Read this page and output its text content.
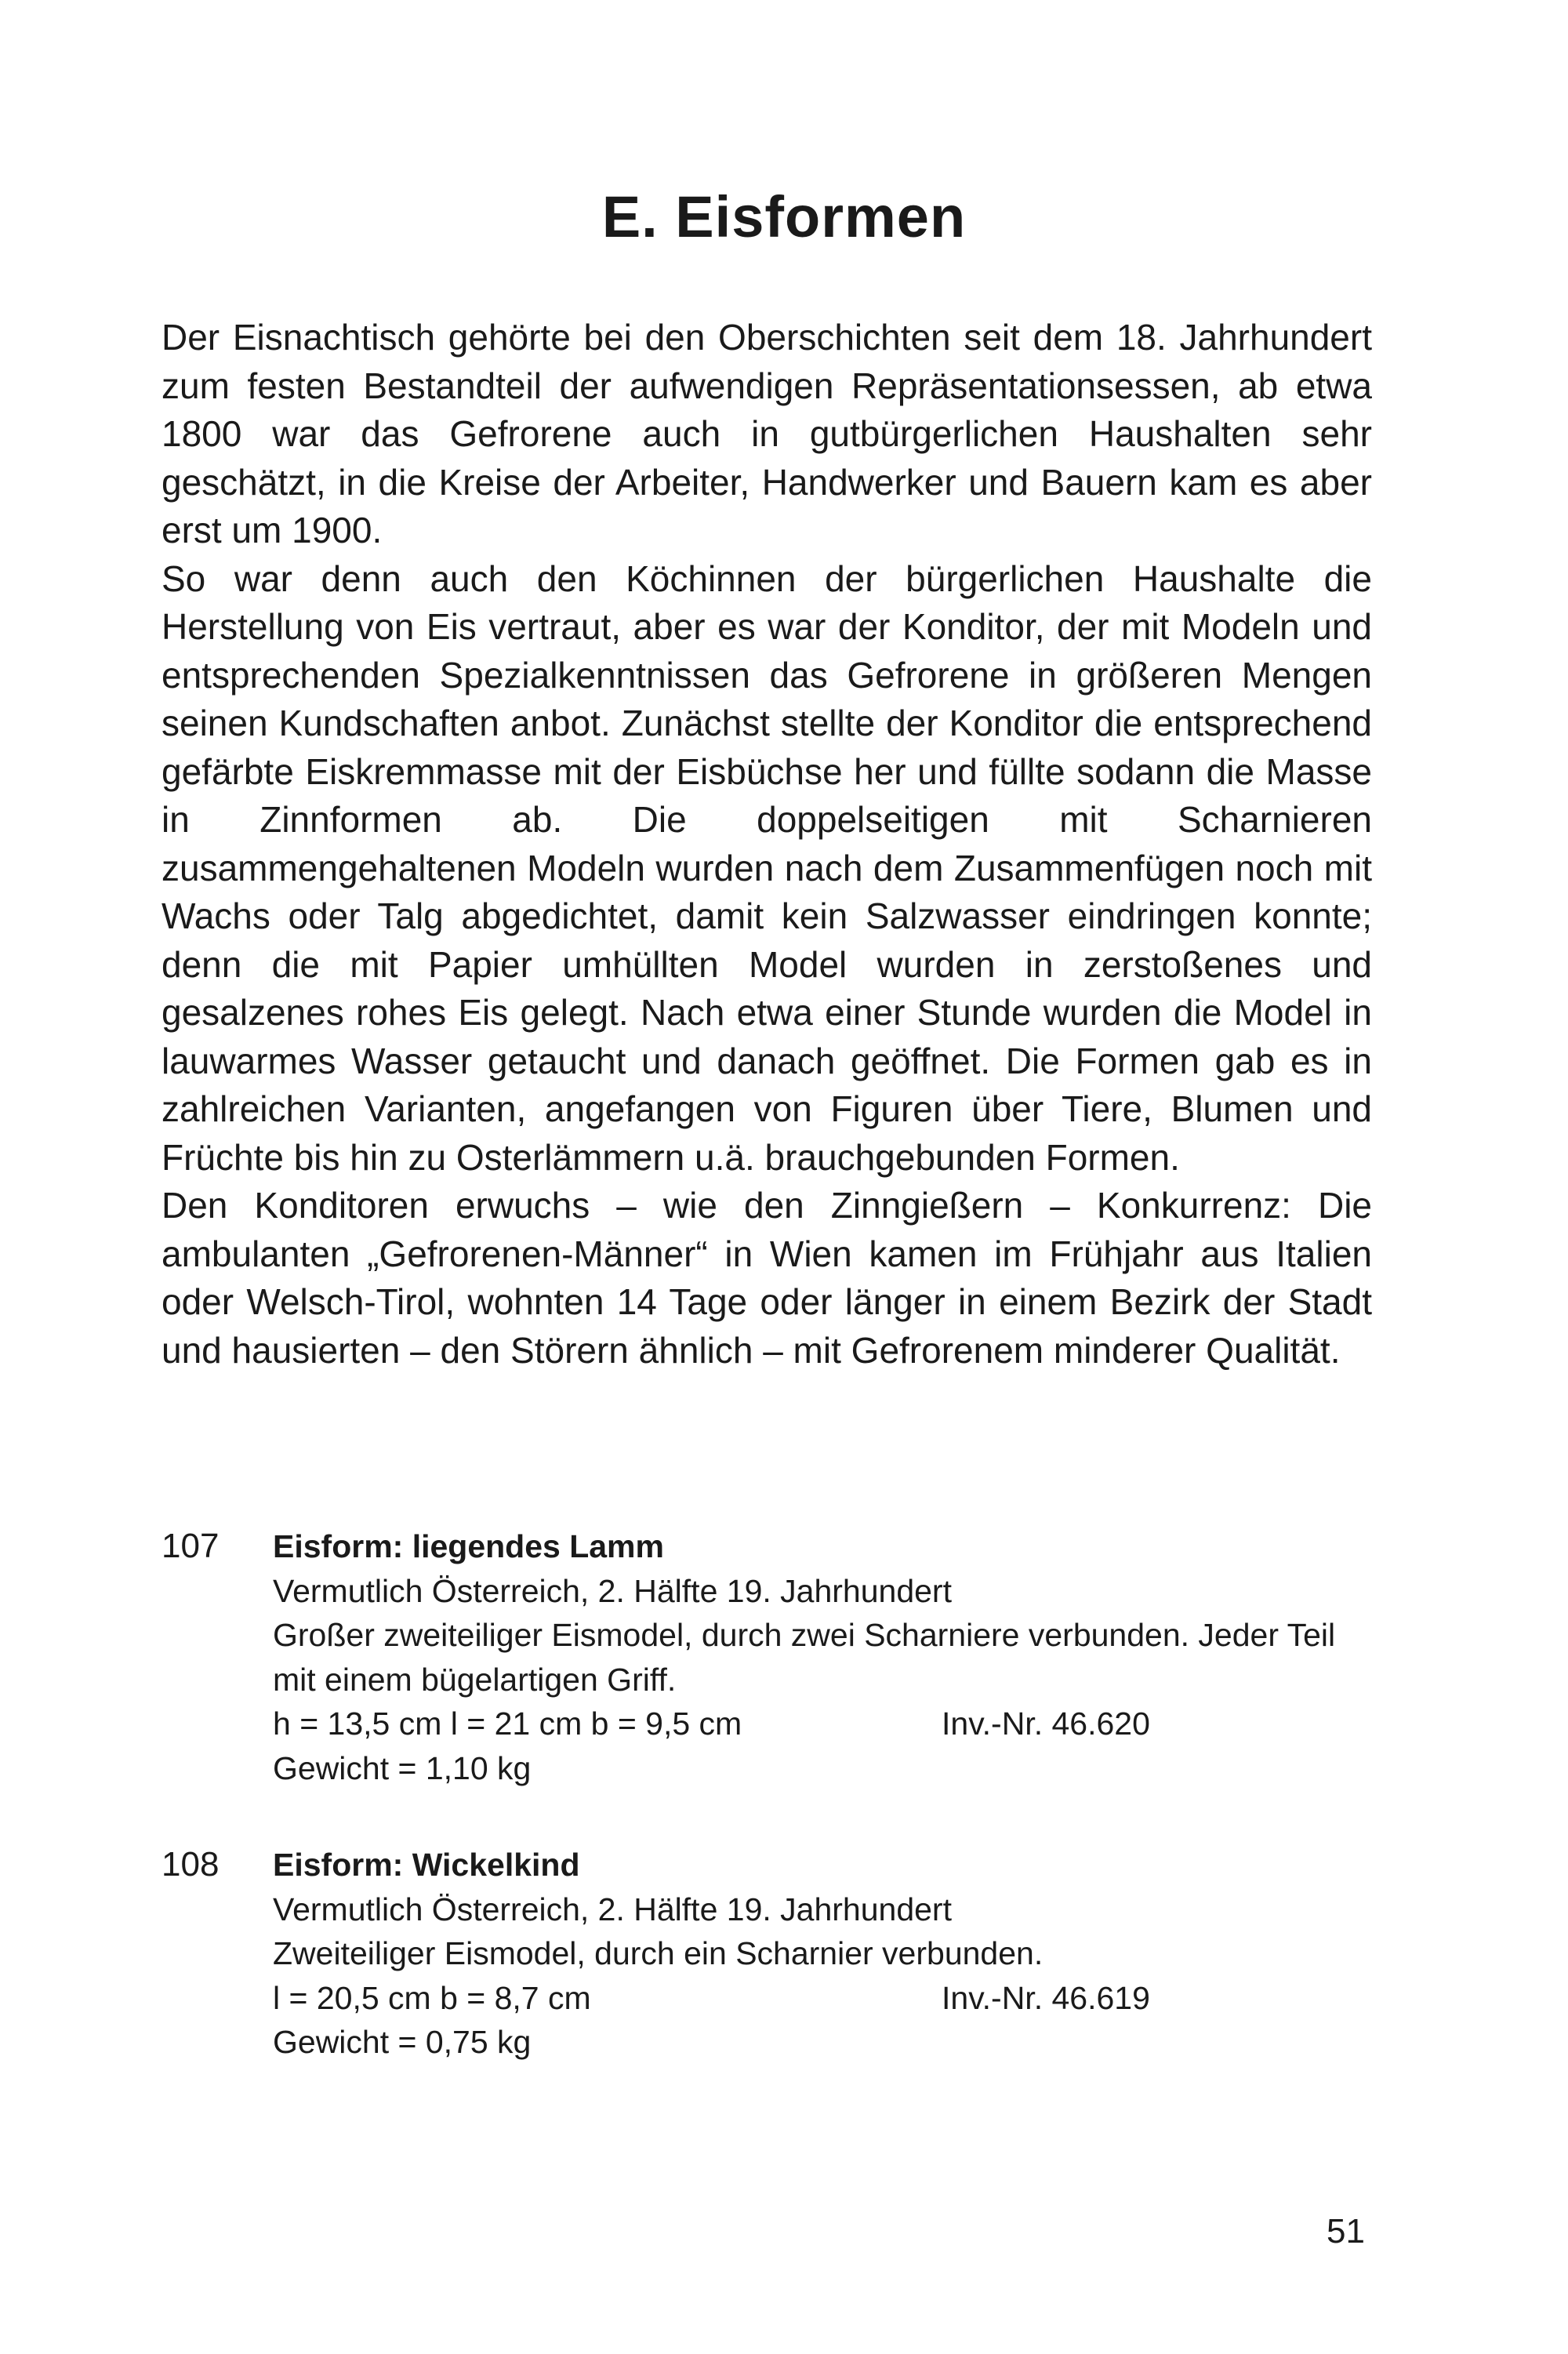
E. Eisformen

Der Eisnachtisch gehörte bei den Oberschichten seit dem 18. Jahrhundert zum festen Bestandteil der aufwendigen Repräsentationsessen, ab etwa 1800 war das Gefrorene auch in gutbürgerlichen Haushalten sehr geschätzt, in die Kreise der Arbeiter, Handwerker und Bauern kam es aber erst um 1900.

So war denn auch den Köchinnen der bürgerlichen Haushalte die Herstellung von Eis vertraut, aber es war der Konditor, der mit Modeln und entsprechenden Spezialkenntnissen das Gefrorene in größeren Mengen seinen Kundschaften anbot. Zunächst stellte der Konditor die entsprechend gefärbte Eiskremmasse mit der Eisbüchse her und füllte sodann die Masse in Zinnformen ab. Die doppelseitigen mit Scharnieren zusammengehaltenen Modeln wurden nach dem Zusammenfügen noch mit Wachs oder Talg abgedichtet, damit kein Salzwasser eindringen konnte; denn die mit Papier umhüllten Model wurden in zerstoßenes und gesalzenes rohes Eis gelegt. Nach etwa einer Stunde wurden die Model in lauwarmes Wasser getaucht und danach geöffnet. Die Formen gab es in zahlreichen Varianten, angefangen von Figuren über Tiere, Blumen und Früchte bis hin zu Osterlämmern u.ä. brauchgebunden Formen.

Den Konditoren erwuchs – wie den Zinngießern – Konkurrenz: Die ambulanten „Gefrorenen-Männer“ in Wien kamen im Frühjahr aus Italien oder Welsch-Tirol, wohnten 14 Tage oder länger in einem Bezirk der Stadt und hausierten – den Störern ähnlich – mit Gefrorenem minderer Qualität.

107 Eisform: liegendes Lamm
Vermutlich Österreich, 2. Hälfte 19. Jahrhundert
Großer zweiteiliger Eismodel, durch zwei Scharniere verbunden. Jeder Teil mit einem bügelartigen Griff.
h = 13,5 cm l = 21 cm b = 9,5 cm	Inv.-Nr. 46.620
Gewicht = 1,10 kg
108 Eisform: Wickelkind
Vermutlich Österreich, 2. Hälfte 19. Jahrhundert
Zweiteiliger Eismodel, durch ein Scharnier verbunden.
l = 20,5 cm b = 8,7 cm	Inv.-Nr. 46.619
Gewicht = 0,75 kg
51
